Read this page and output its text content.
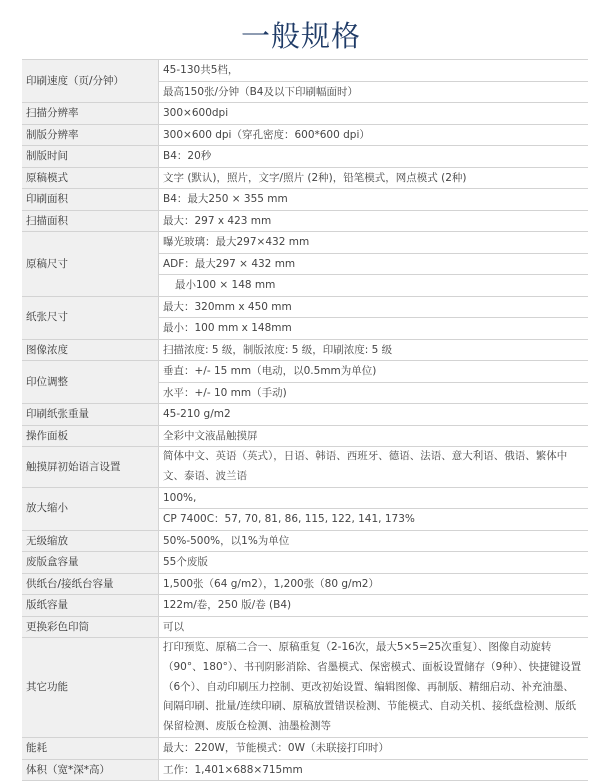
一般规格
印刷速度（页/分钟）	45-130共5档，
	最高150张/分钟（B4及以下印刷幅面时）
扫描分辨率	300×600dpi
制版分辨率	300×600 dpi（穿孔密度：600*600 dpi）
制版时间	B4：20秒
原稿模式	文字 (默认)，照片，文字/照片 (2种)，铅笔模式，网点模式 (2种)
印刷面积	B4：最大250 × 355 mm
扫描面积	最大：297 x 423 mm
原稿尺寸	曝光玻璃：最大297×432 mm
	ADF：最大297 × 432 mm
	最小100 × 148 mm
纸张尺寸	最大：320mm x 450 mm
	最小：100 mm x 148mm
图像浓度	扫描浓度: 5 级，制版浓度: 5 级，印刷浓度: 5 级
印位调整	垂直：+/- 15 mm（电动，以0.5mm为单位)
	水平：+/- 10 mm（手动)
印刷纸张重量	45-210 g/m2
操作面板	全彩中文液晶触摸屏
触摸屏初始语言设置	简体中文、英语（英式），日语、韩语、西班牙、德语、法语、意大利语、俄语、繁体中文、泰语、波兰语
放大缩小	100%,
	CP 7400C：57, 70, 81, 86, 115, 122, 141, 173%
无级缩放	50%-500%，以1%为单位
废版盒容量	55个废版
供纸台/接纸台容量	1,500张（64 g/m2），1,200张（80 g/m2）
版纸容量	122m/卷，250 版/卷 (B4)
更换彩色印筒	可以
其它功能	打印预览、原稿二合一、原稿重复（2-16次，最大5×5=25次重复）、图像自动旋转（90°、180°）、书刊阴影消除、省墨模式、保密模式、面板设置储存（9种）、快捷键设置（6个）、自动印刷压力控制、更改初始设置、编辑图像、再制版、精细启动、补充油墨、间隔印刷、批量/连续印刷、原稿放置错误检测、节能模式、自动关机、接纸盘检测、版纸保留检测、废版仓检测、油墨检测等
能耗	最大：220W，节能模式：0W（未联接打印时）
体积（宽*深*高）	工作：1,401×688×715mm
